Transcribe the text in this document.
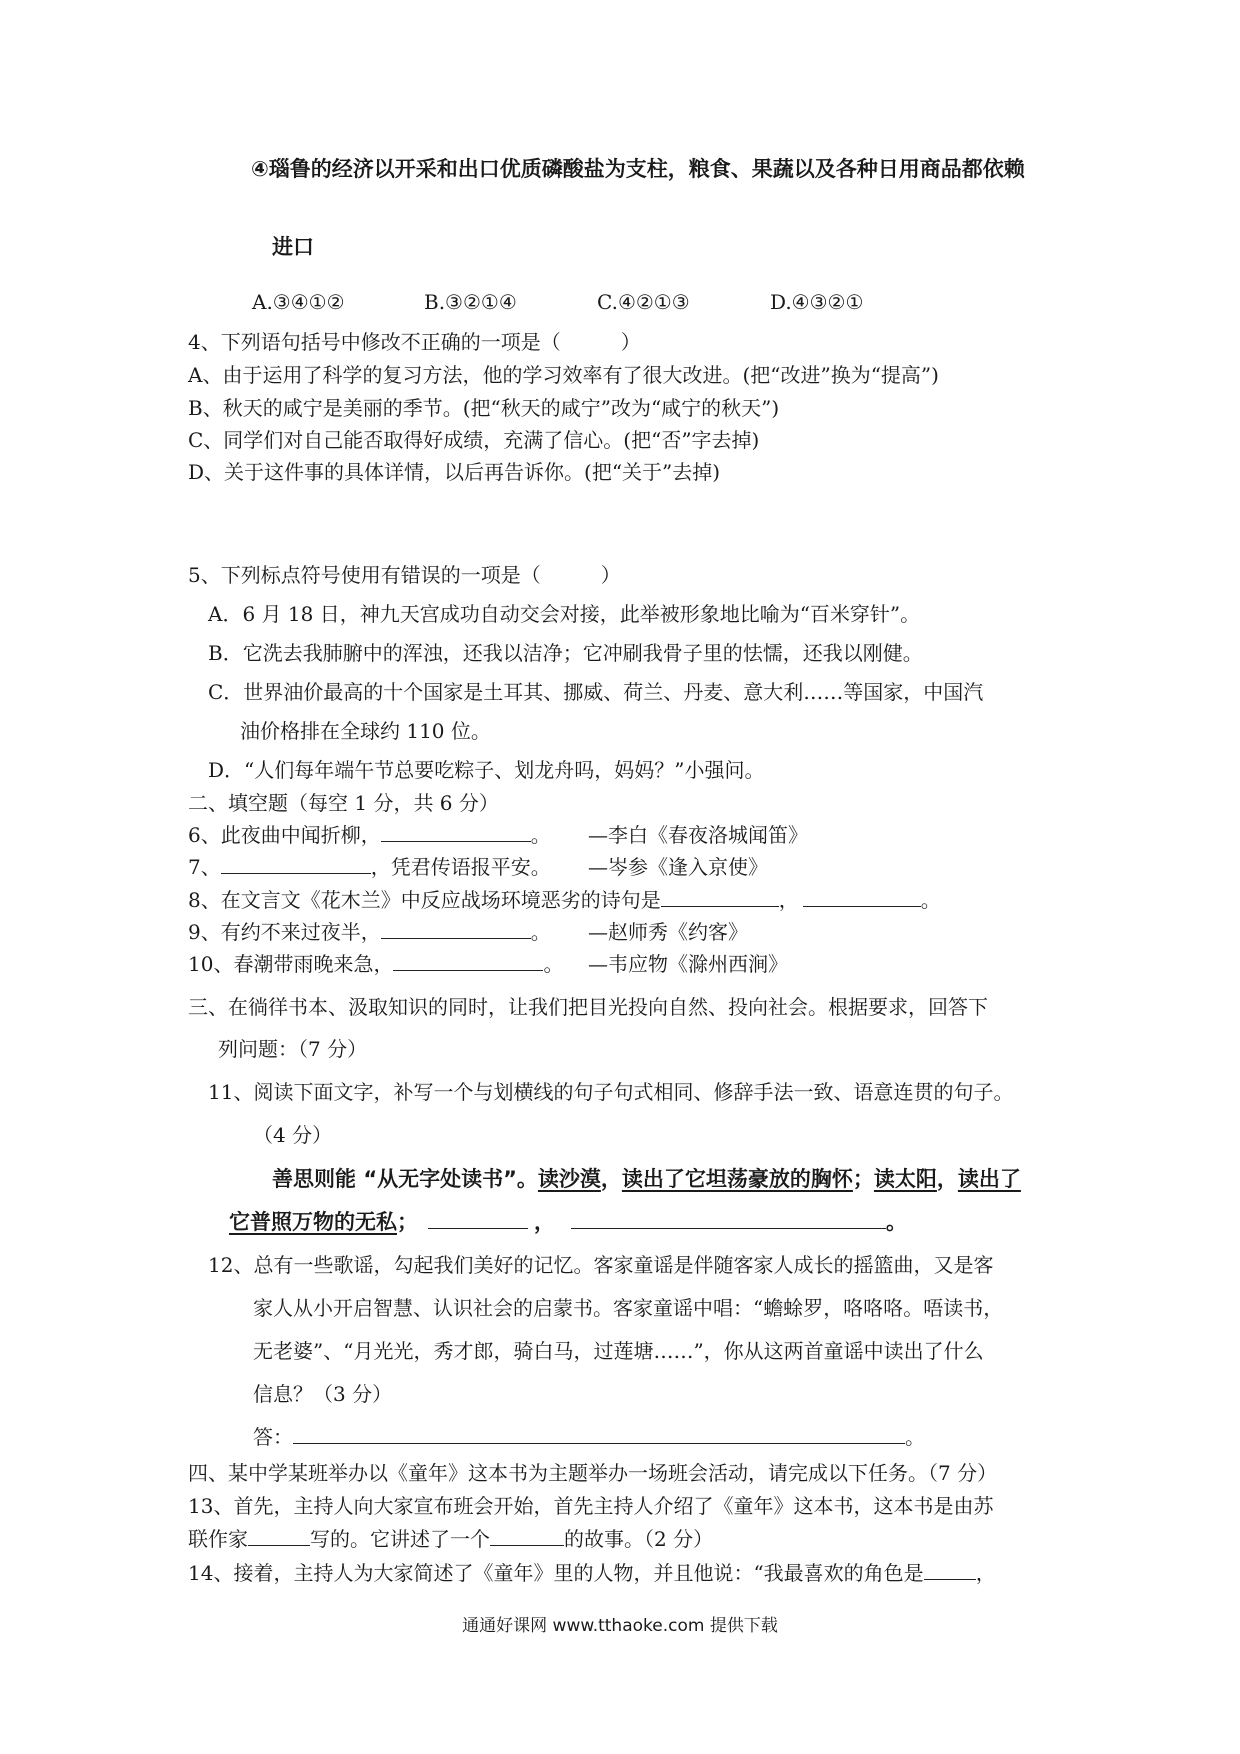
④瑙鲁的经济以开采和出口优质磷酸盐为支柱，粮食、果蔬以及各种日用商品都依赖
进口
A.③④①②	B.③②①④	C.④②①③	D.④③②①
4、下列语句括号中修改不正确的一项是（　　　）
A、由于运用了科学的复习方法，他的学习效率有了很大改进。(把“改进”换为“提高”)
B、秋天的咸宁是美丽的季节。(把“秋天的咸宁”改为“咸宁的秋天”)
C、同学们对自己能否取得好成绩，充满了信心。(把“否”字去掉)
D、关于这件事的具体详情，以后再告诉你。(把“关于”去掉)
5、下列标点符号使用有错误的一项是（　　　）
A．6 月 18 日，神九天宫成功自动交会对接，此举被形象地比喻为“百米穿针”。
B．它洗去我肺腑中的浑浊，还我以洁净；它冲刷我骨子里的怯懦，还我以刚健。
C．世界油价最高的十个国家是土耳其、挪威、荷兰、丹麦、意大利……等国家，中国汽
油价格排在全球约 110 位。
D．“人们每年端午节总要吃粽子、划龙舟吗，妈妈？”小强问。
二、填空题（每空 1 分，共 6 分）
6、此夜曲中闻折柳，	。 —李白《春夜洛城闻笛》
7、	，凭君传语报平安。 —岑参《逢入京使》
8、在文言文《花木兰》中反应战场环境恶劣的诗句是	，	。
9、有约不来过夜半，	。 —赵师秀《约客》
10、春潮带雨晚来急，	。 —韦应物《滁州西涧》
三、在徜徉书本、汲取知识的同时，让我们把目光投向自然、投向社会。根据要求，回答下
列问题：（7 分）
11、阅读下面文字，补写一个与划横线的句子句式相同、修辞手法一致、语意连贯的句子。
（4 分）
善思则能 “从无字处读书”。读沙漠，读出了它坦荡豪放的胸怀；读太阳，读出了
它普照万物的无私；	，	。
12、总有一些歌谣，勾起我们美好的记忆。客家童谣是伴随客家人成长的摇篮曲，又是客
家人从小开启智慧、认识社会的启蒙书。客家童谣中唱：“蟾蜍罗，咯咯咯。唔读书，
无老婆”、“月光光，秀才郎，骑白马，过莲塘……”，你从这两首童谣中读出了什么
信息？（3 分）
答：	。
四、某中学某班举办以《童年》这本书为主题举办一场班会活动，请完成以下任务。（7 分）
13、首先，主持人向大家宣布班会开始，首先主持人介绍了《童年》这本书，这本书是由苏
联作家	写的。它讲述了一个	的故事。（2 分）
14、接着，主持人为大家简述了《童年》里的人物，并且他说：“我最喜欢的角色是	，
通通好课网 www.tthaoke.com 提供下载
